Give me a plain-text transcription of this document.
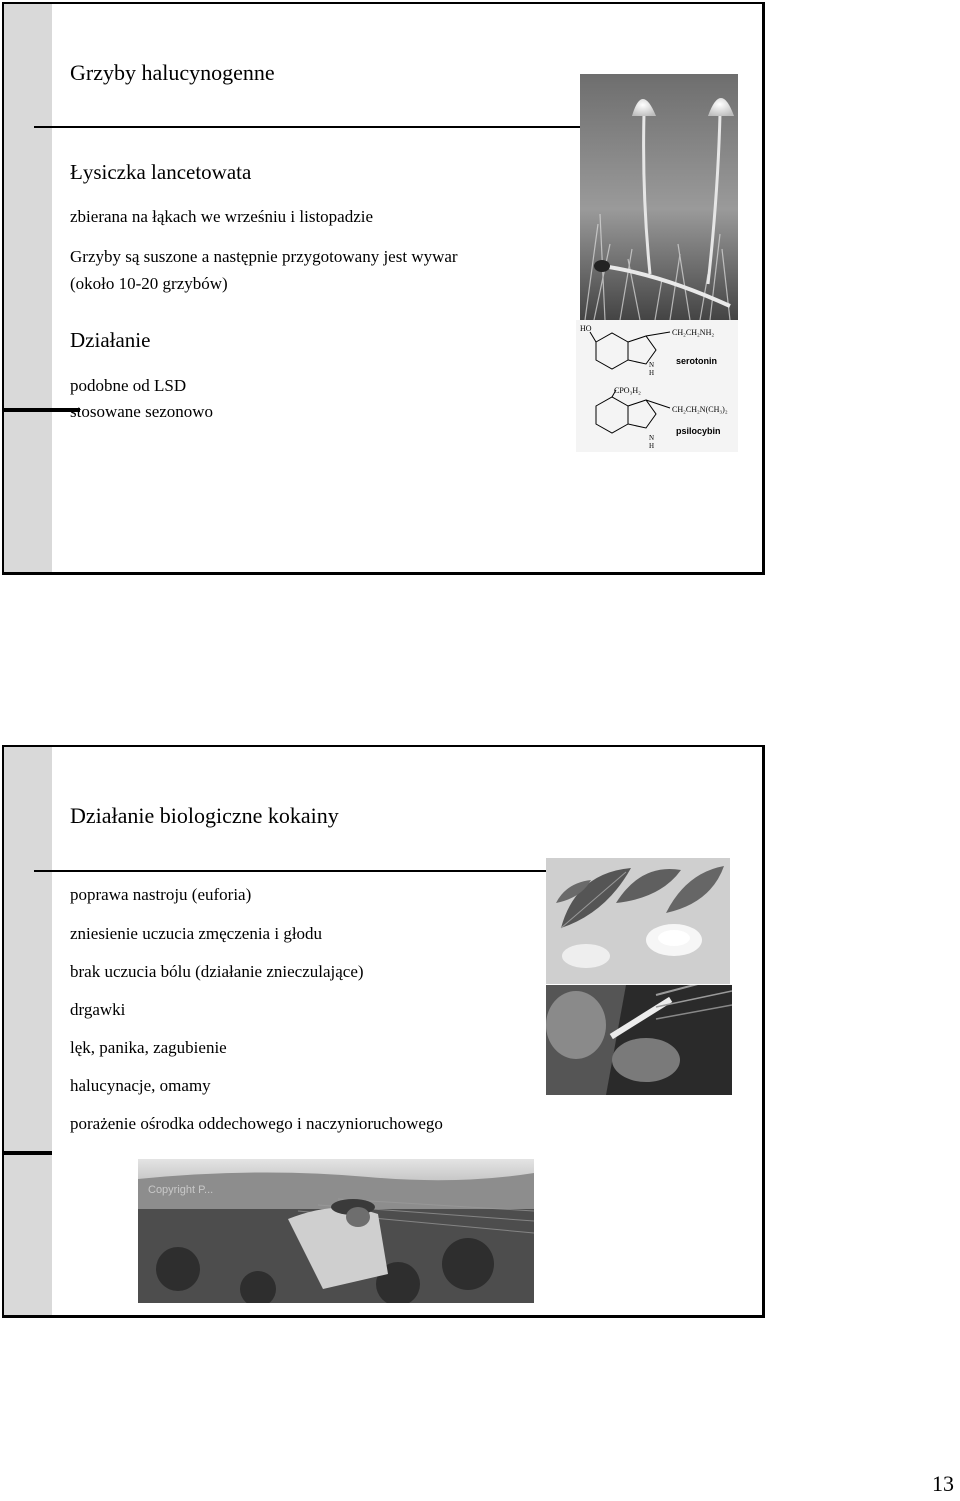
Grzyby halucynogenne
Łysiczka lancetowata
zbierana na łąkach we wrześniu i listopadzie
Grzyby są suszone a następnie przygotowany jest wywar
(około 10-20 grzybów)
Działanie
podobne od LSD
stosowane sezonowo
HO	CH₂CH₂NH₂
N
H
serotonin
CPO₃H₂
CH₂CH₂N(CH₃)₂
N
H
psilocybin
Działanie biologiczne kokainy
poprawa nastroju (euforia)
zniesienie uczucia zmęczenia i głodu
brak uczucia bólu (działanie znieczulające)
drgawki
lęk, panika, zagubienie
halucynacje, omamy
porażenie ośrodka oddechowego i naczynioruchowego
Copyright P...
13
